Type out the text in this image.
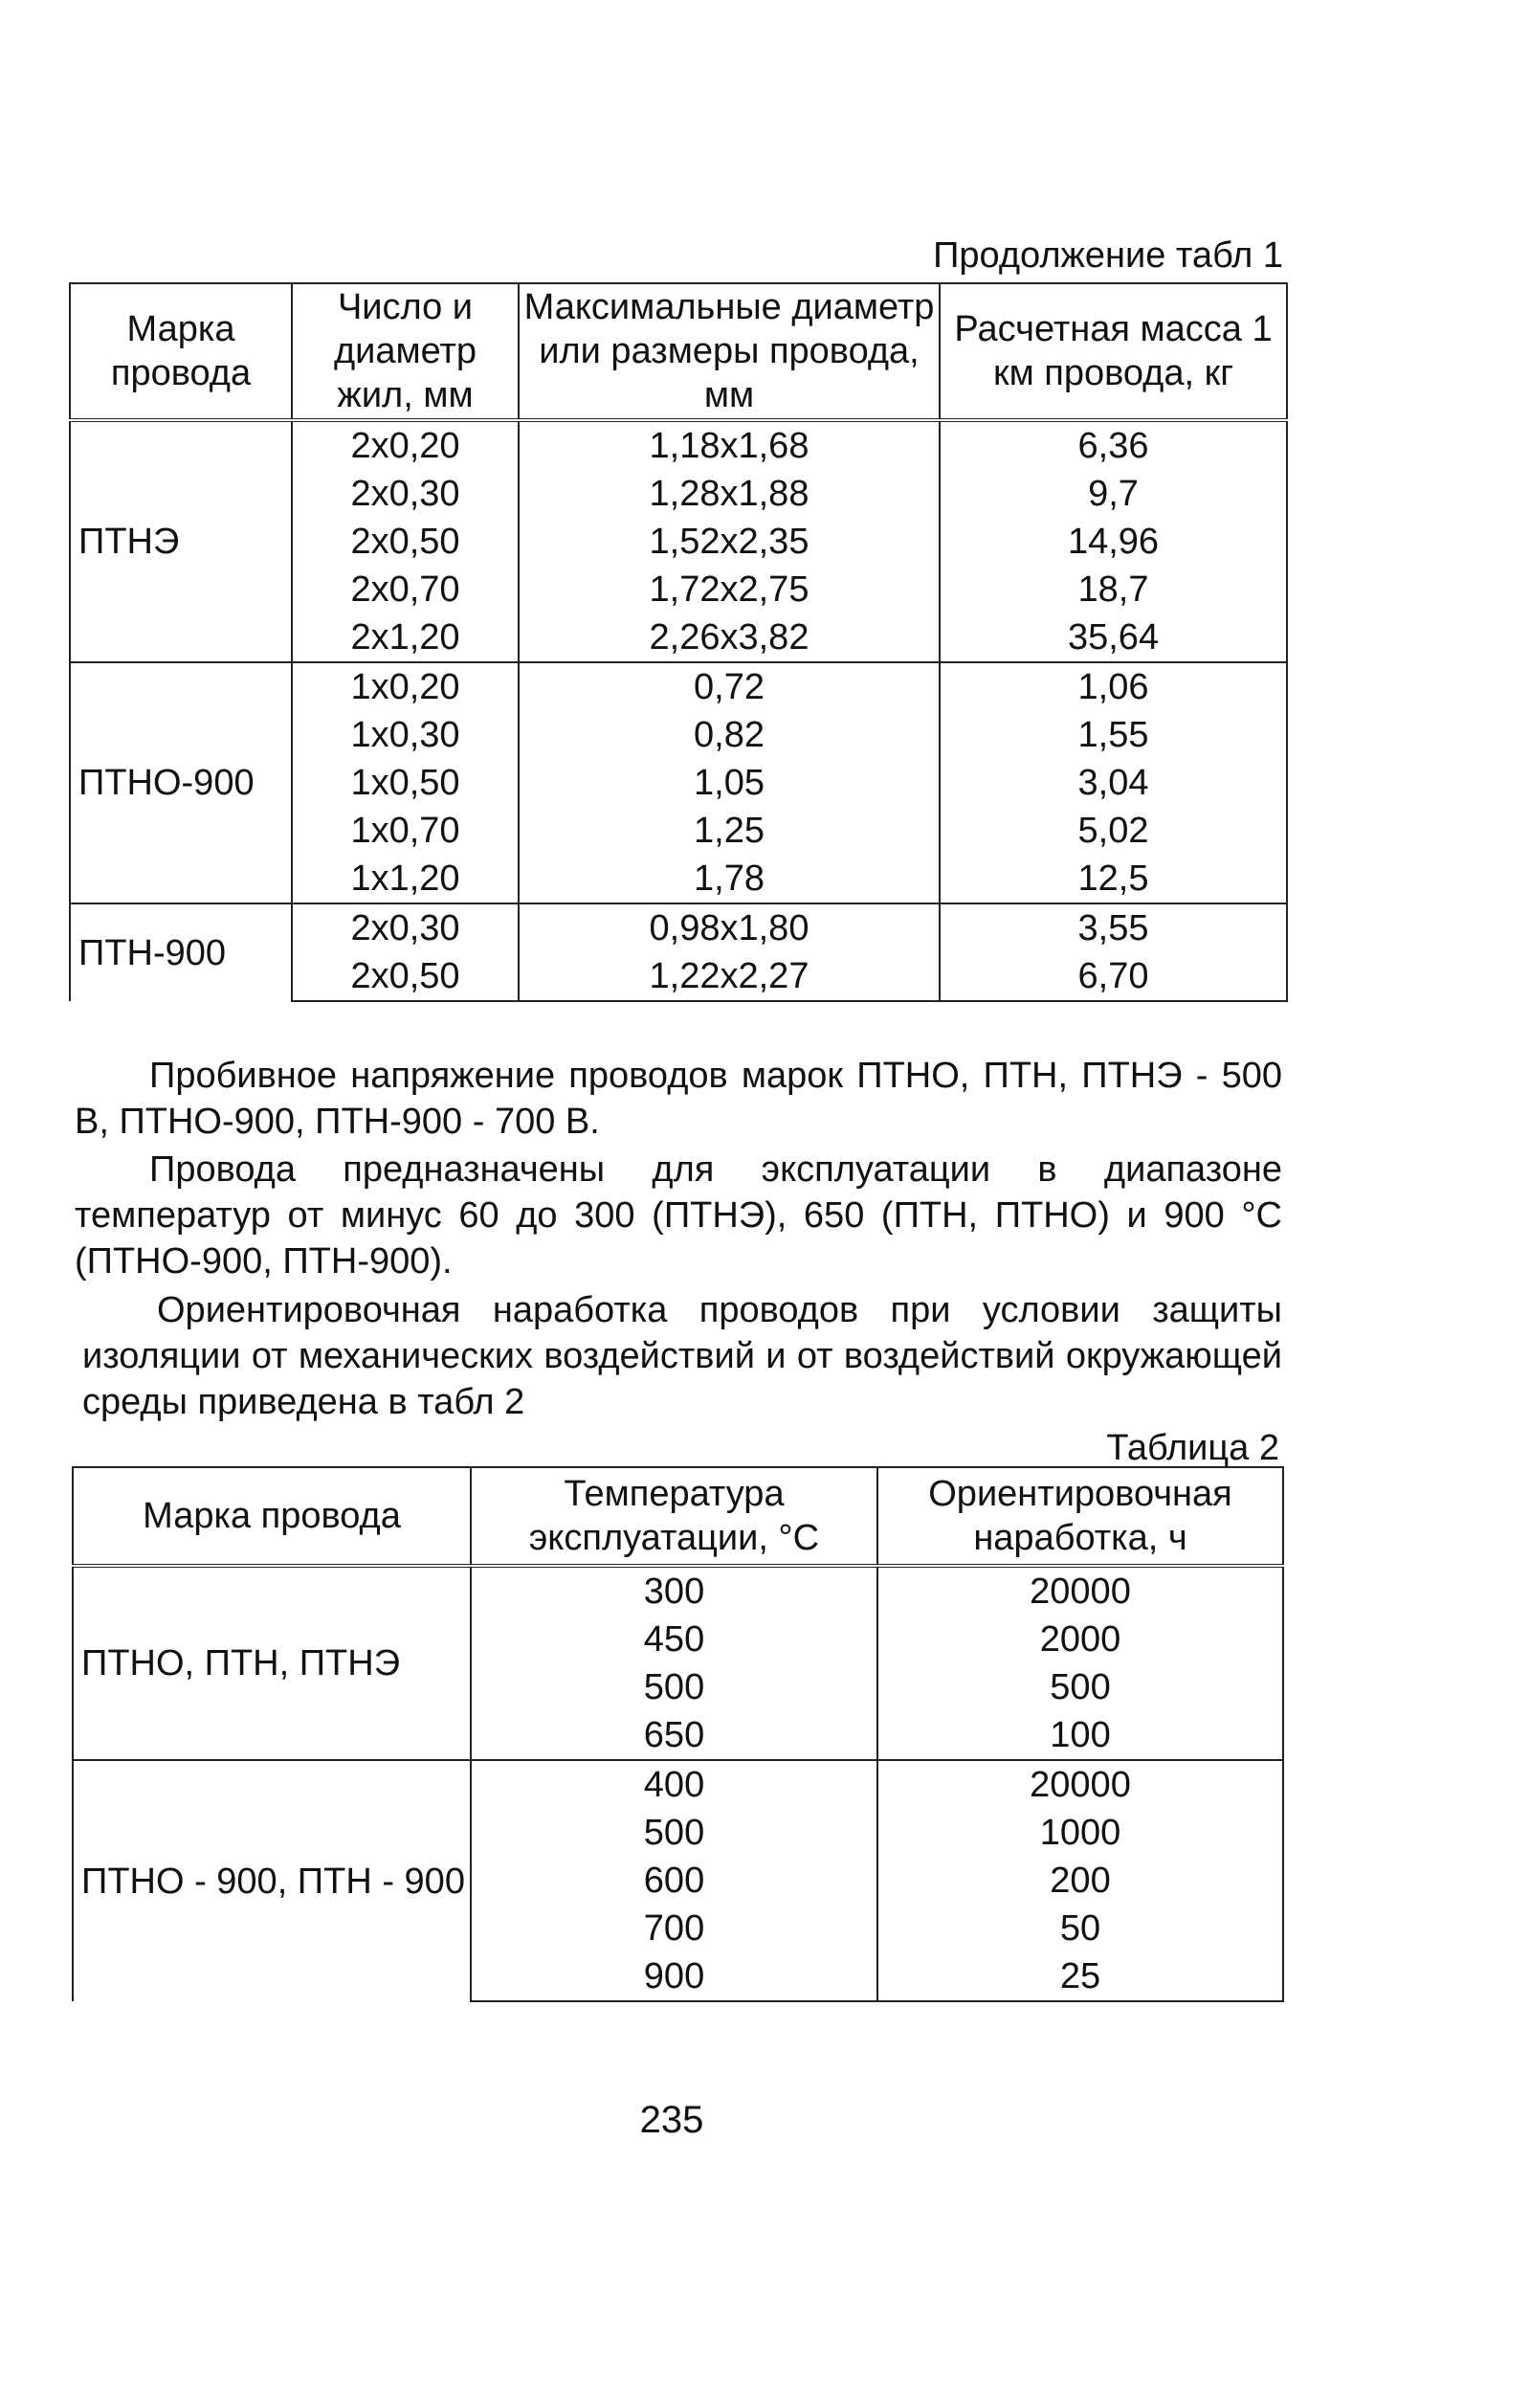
Продолжение табл 1
Марка провода	Число и диаметр жил, мм	Максимальные диаметр или размеры провода, мм	Расчетная масса 1 км провода, кг
ПТНЭ	2х0,20	1,18х1,68	6,36
	2х0,30	1,28х1,88	9,7
	2х0,50	1,52х2,35	14,96
	2х0,70	1,72х2,75	18,7
	2х1,20	2,26х3,82	35,64
ПТНО-900	1х0,20	0,72	1,06
	1х0,30	0,82	1,55
	1х0,50	1,05	3,04
	1х0,70	1,25	5,02
	1х1,20	1,78	12,5
ПТН-900	2х0,30	0,98х1,80	3,55
	2х0,50	1,22х2,27	6,70

Пробивное напряжение проводов марок ПТНО, ПТН, ПТНЭ - 500 В, ПТНО-900, ПТН-900 - 700 В.

Провода предназначены для эксплуатации в диапазоне температур от минус 60 до 300 (ПТНЭ), 650 (ПТН, ПТНО) и 900 °С (ПТНО-900, ПТН-900).

Ориентировочная наработка проводов при условии защиты изоляции от механических воздействий и от воздействий окружающей среды приведена в табл 2

Таблица 2
Марка провода	Температура эксплуатации, °С	Ориентировочная наработка, ч
ПТНО, ПТН, ПТНЭ	300	20000
	450	2000
	500	500
	650	100
ПТНО - 900, ПТН - 900	400	20000
	500	1000
	600	200
	700	50
	900	25
235
